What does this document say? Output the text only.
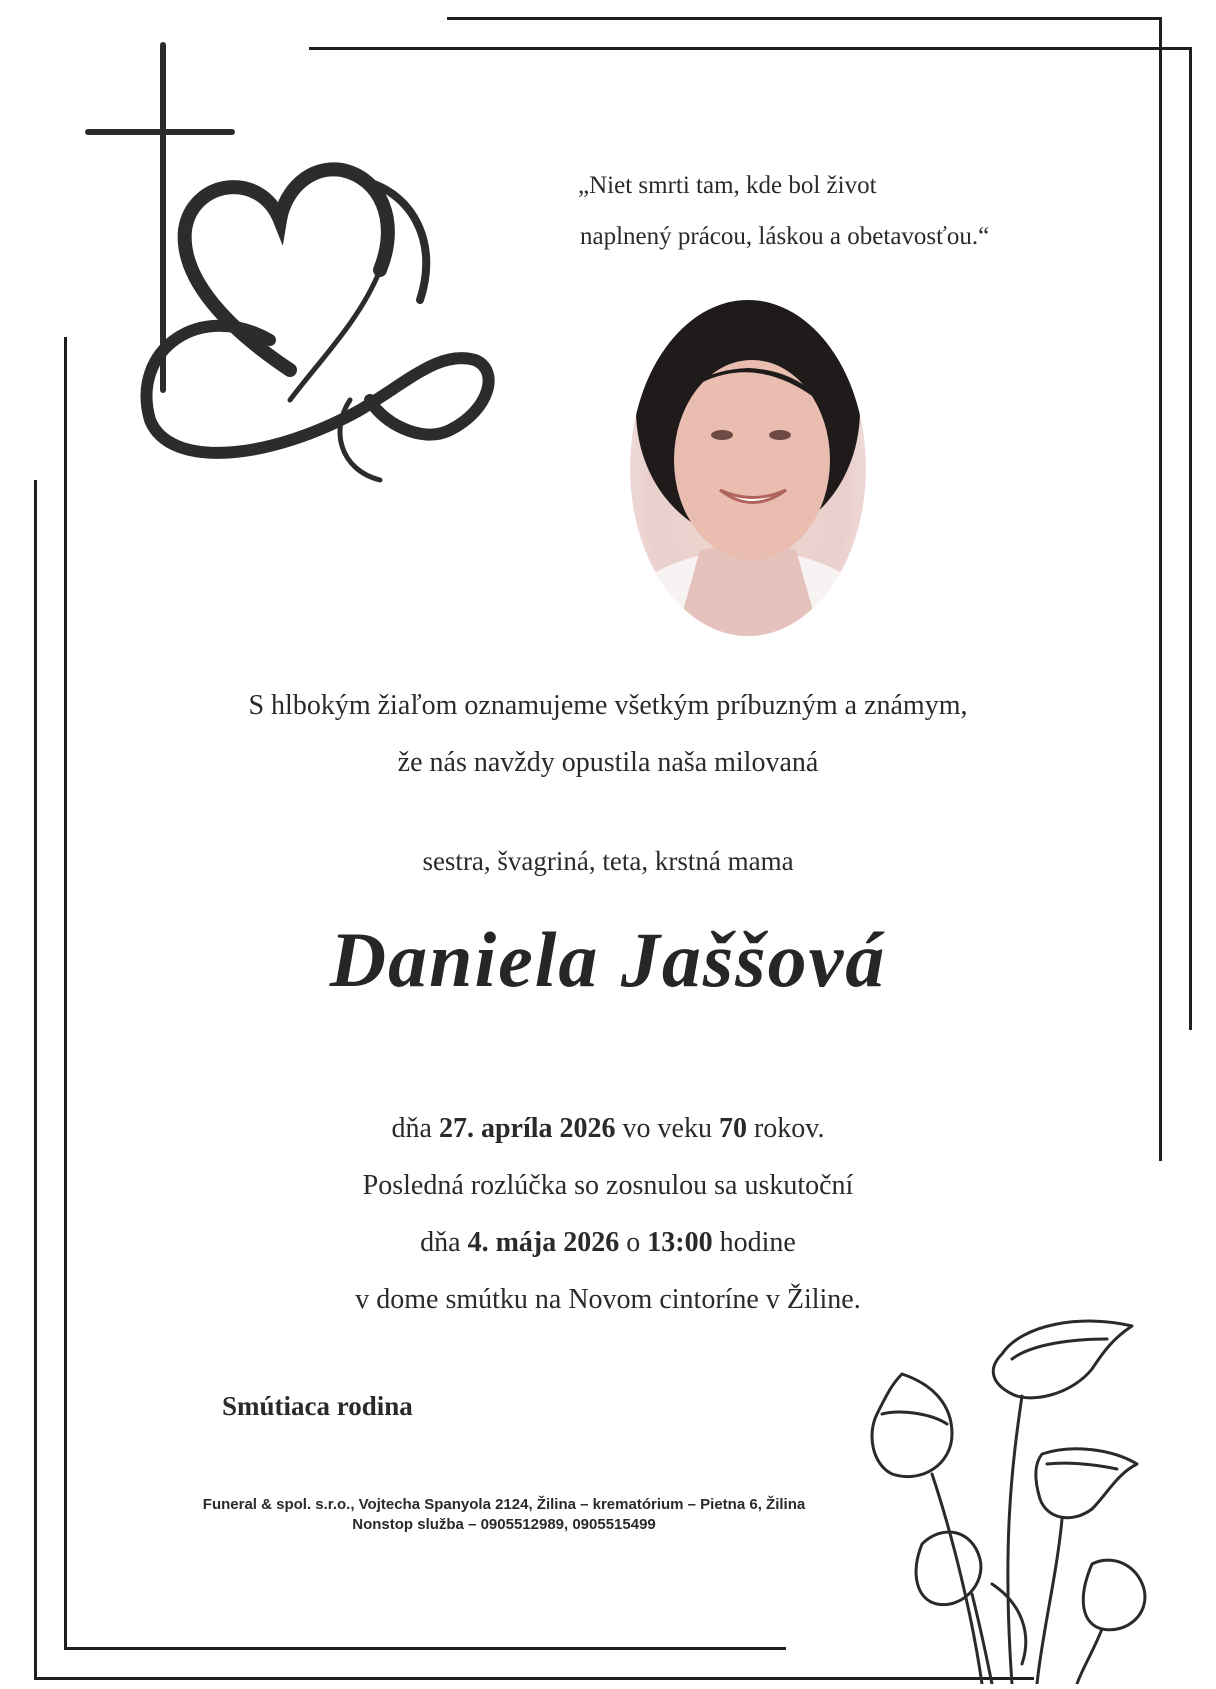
„Niet smrti tam, kde bol život
naplnený prácou, láskou a obetavosťou.“
S hlbokým žiaľom oznamujeme všetkým príbuzným a známym,
že nás navždy opustila naša milovaná
sestra, švagriná, teta, krstná mama
Daniela Jaššová
dňa 27. apríla 2026 vo veku 70 rokov.
Posledná rozlúčka so zosnulou sa uskutoční
dňa 4. mája 2026 o 13:00 hodine
v dome smútku na Novom cintoríne v Žiline.
Smútiaca rodina
Funeral & spol. s.r.o., Vojtecha Spanyola 2124, Žilina – krematórium – Pietna 6, Žilina
Nonstop služba – 0905512989, 0905515499
